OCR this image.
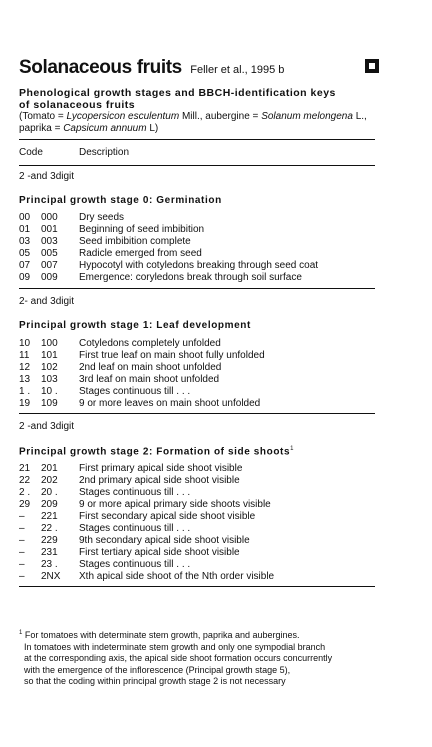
Solanaceous fruits Feller et al., 1995 b
Phenological growth stages and BBCH-identification keys
of solanaceous fruits
(Tomato = Lycopersicon esculentum Mill., aubergine = Solanum melongena L.,
paprika = Capsicum annuum L)
Code	Description
2 -and 3digit
Principal growth stage 0: Germination
00 000 Dry seeds
01 001 Beginning of seed imbibition
03 003 Seed imbibition complete
05 005 Radicle emerged from seed
07 007 Hypocotyl with cotyledons breaking through seed coat
09 009 Emergence: coryledons break through soil surface
2- and 3digit
Principal growth stage 1: Leaf development
10 100 Cotyledons completely unfolded
11 101 First true leaf on main shoot fully unfolded
12 102 2nd leaf on main shoot unfolded
13 103 3rd leaf on main shoot unfolded
1 . 10 . Stages continuous till . . .
19 109 9 or more leaves on main shoot unfolded
2 -and 3digit
Principal growth stage 2: Formation of side shoots$^1$
21 201 First primary apical side shoot visible
22 202 2nd primary apical side shoot visible
2 . 20 . Stages continuous till . . .
29 209 9 or more apical primary side shoots visible
– 221 First secondary apical side shoot visible
– 22 . Stages continuous till . . .
– 229 9th secondary apical side shoot visible
– 231 First tertiary apical side shoot visible
– 23 . Stages continuous till . . .
– 2NX Xth apical side shoot of the Nth order visible
$^1$ For tomatoes with determinate stem growth, paprika and aubergines.
In tomatoes with indeterminate stem growth and only one sympodial branch
at the corresponding axis, the apical side shoot formation occurs concurrently
with the emergence of the inflorescence (Principal growth stage 5),
so that the coding within principal growth stage 2 is not necessary
